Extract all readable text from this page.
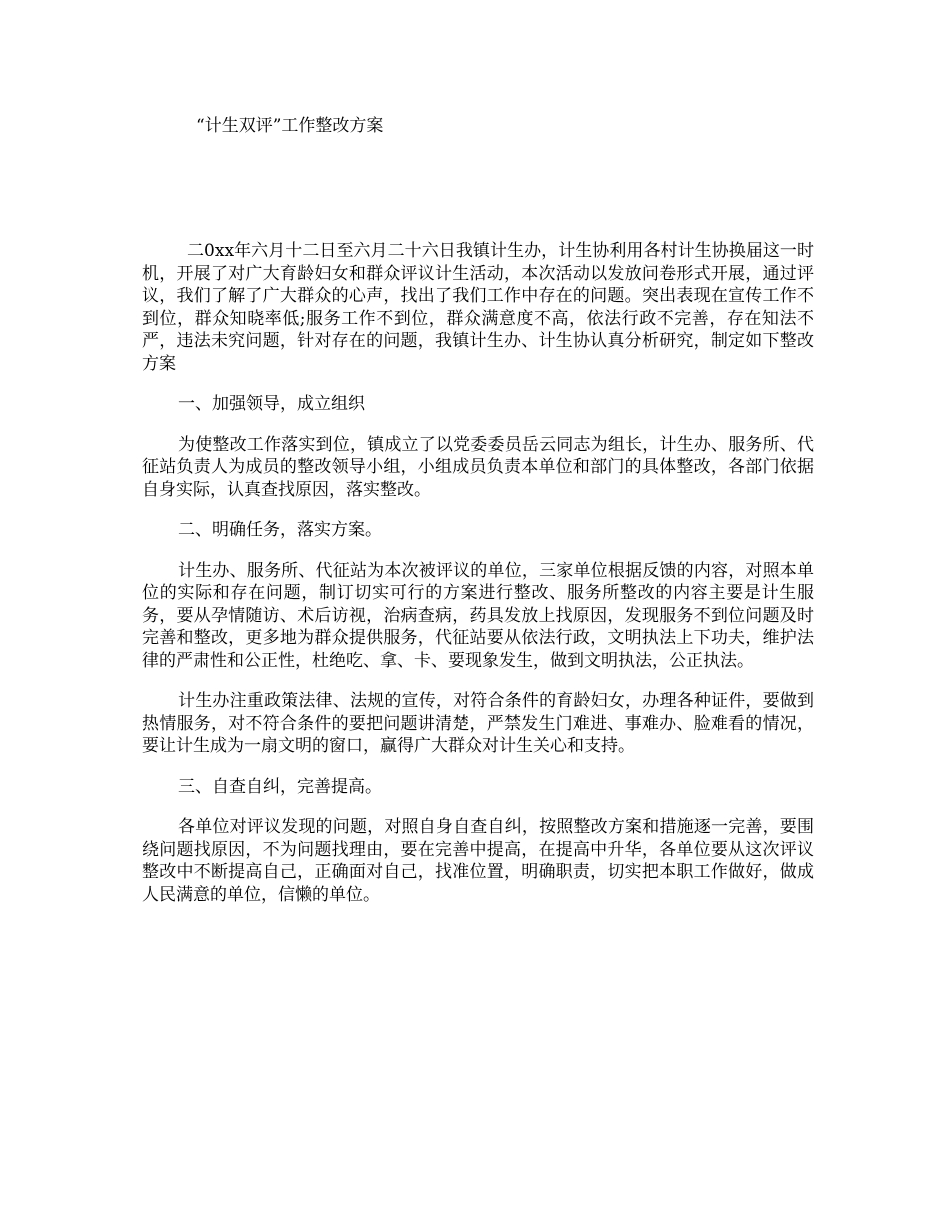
“计生双评”工作整改方案

二0xx年六月十二日至六月二十六日我镇计生办，计生协利用各村计生协换届这一时机，开展了对广大育龄妇女和群众评议计生活动，本次活动以发放问卷形式开展，通过评议，我们了解了广大群众的心声，找出了我们工作中存在的问题。突出表现在宣传工作不到位，群众知晓率低;服务工作不到位，群众满意度不高，依法行政不完善，存在知法不严，违法未究问题，针对存在的问题，我镇计生办、计生协认真分析研究，制定如下整改方案

一、加强领导，成立组织

为使整改工作落实到位，镇成立了以党委委员岳云同志为组长，计生办、服务所、代征站负责人为成员的整改领导小组，小组成员负责本单位和部门的具体整改，各部门依据自身实际，认真查找原因，落实整改。

二、明确任务，落实方案。

计生办、服务所、代征站为本次被评议的单位，三家单位根据反馈的内容，对照本单位的实际和存在问题，制订切实可行的方案进行整改、服务所整改的内容主要是计生服务，要从孕情随访、术后访视，治病查病，药具发放上找原因，发现服务不到位问题及时完善和整改，更多地为群众提供服务，代征站要从依法行政，文明执法上下功夫，维护法律的严肃性和公正性，杜绝吃、拿、卡、要现象发生，做到文明执法，公正执法。

计生办注重政策法律、法规的宣传，对符合条件的育龄妇女，办理各种证件，要做到热情服务，对不符合条件的要把问题讲清楚，严禁发生门难进、事难办、脸难看的情况，要让计生成为一扇文明的窗口，赢得广大群众对计生关心和支持。

三、自查自纠，完善提高。

各单位对评议发现的问题，对照自身自查自纠，按照整改方案和措施逐一完善，要围绕问题找原因，不为问题找理由，要在完善中提高，在提高中升华，各单位要从这次评议整改中不断提高自己，正确面对自己，找准位置，明确职责，切实把本职工作做好，做成人民满意的单位，信懒的单位。
